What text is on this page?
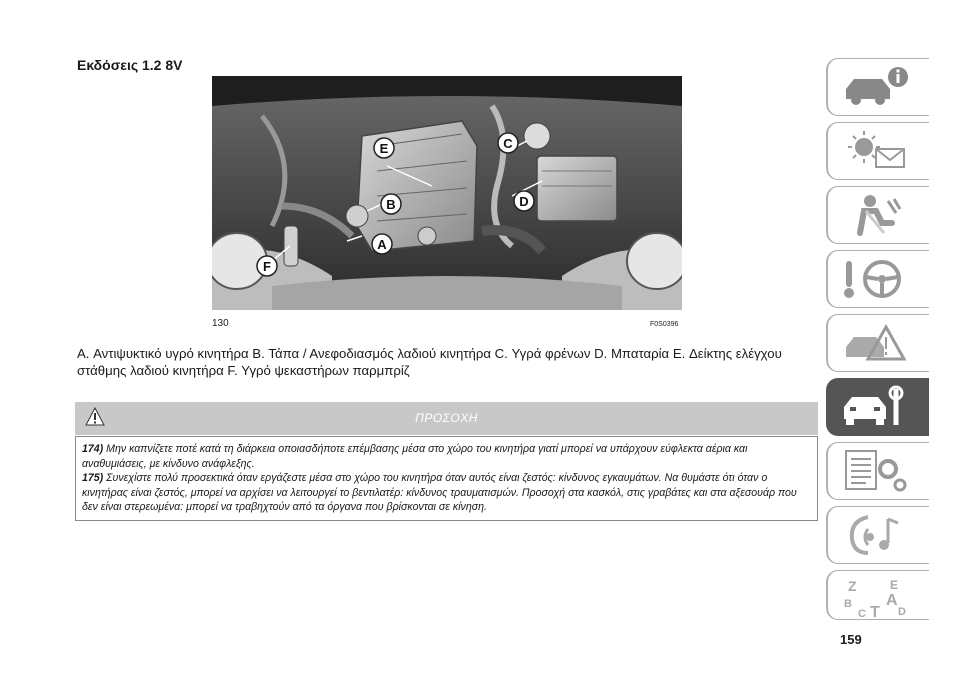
Εκδόσεις 1.2 8V
E	C
B	D
A
F
130	F0S0396
A. Αντιψυκτικό υγρό κινητήρα B. Τάπα / Ανεφοδιασμός λαδιού κινητήρα C. Υγρά φρένων D. Μπαταρία E. Δείκτης ελέγχου στάθμης λαδιού κινητήρα F. Υγρό ψεκαστήρων παρμπρίζ
ΠΡΟΣΟΧΗ
174) Μην καπνίζετε ποτέ κατά τη διάρκεια οποιασδήποτε επέμβασης μέσα στο χώρο του κινητήρα γιατί μπορεί να υπάρχουν εύφλεκτα αέρια και αναθυμιάσεις, με κίνδυνο ανάφλεξης.
175) Συνεχίστε πολύ προσεκτικά όταν εργάζεστε μέσα στο χώρο του κινητήρα όταν αυτός είναι ζεστός: κίνδυνος εγκαυμάτων. Να θυμάστε ότι όταν ο κινητήρας είναι ζεστός, μπορεί να αρχίσει να λειτουργεί το βεντιλατέρ: κίνδυνος τραυματισμών. Προσοχή στα κασκόλ, στις γραβάτες και στα αξεσουάρ που δεν είναι στερεωμένα: μπορεί να τραβηχτούν από τα όργανα που βρίσκονται σε κίνηση.
Z	E
B A
C T D
159
